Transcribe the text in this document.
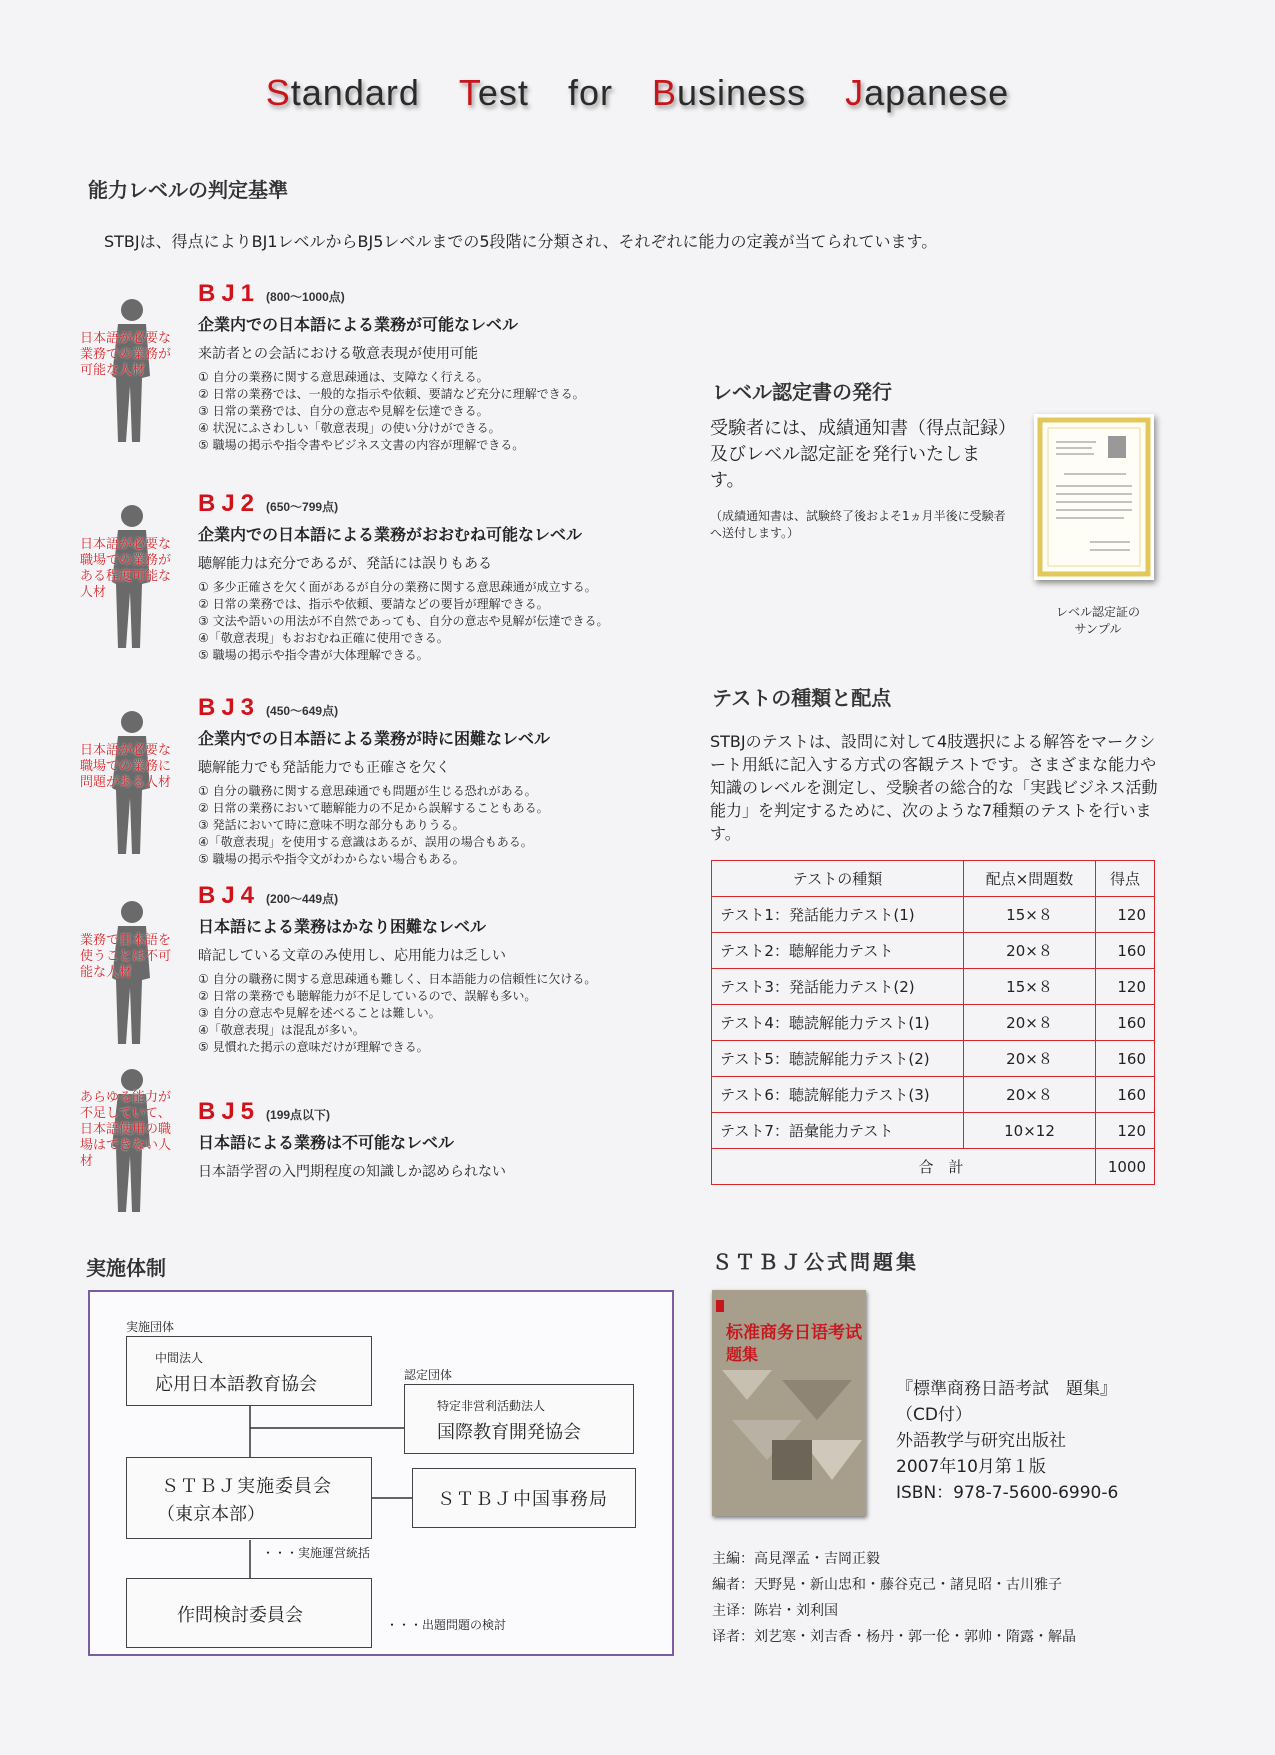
Standard Test for Business Japanese
能力レベルの判定基準
STBJは、得点によりBJ1レベルからBJ5レベルまでの5段階に分類され、それぞれに能力の定義が当てられています。
日本語が必要な業務での業務が可能な人材
BJ1 (800〜1000点)
企業内での日本語による業務が可能なレベル
来訪者との会話における敬意表現が使用可能
① 自分の業務に関する意思疎通は、支障なく行える。
② 日常の業務では、一般的な指示や依頼、要請など充分に理解できる。
③ 日常の業務では、自分の意志や見解を伝達できる。
④ 状況にふさわしい「敬意表現」の使い分けができる。
⑤ 職場の掲示や指令書やビジネス文書の内容が理解できる。
日本語が必要な職場での業務がある程度可能な人材
BJ2 (650〜799点)
企業内での日本語による業務がおおむね可能なレベル
聴解能力は充分であるが、発話には誤りもある
① 多少正確さを欠く面があるが自分の業務に関する意思疎通が成立する。
② 日常の業務では、指示や依頼、要請などの要旨が理解できる。
③ 文法や語いの用法が不自然であっても、自分の意志や見解が伝達できる。
④「敬意表現」もおおむね正確に使用できる。
⑤ 職場の掲示や指令書が大体理解できる。
日本語が必要な職場での業務に問題がある人材
BJ3 (450〜649点)
企業内での日本語による業務が時に困難なレベル
聴解能力でも発話能力でも正確さを欠く
① 自分の職務に関する意思疎通でも問題が生じる恐れがある。
② 日常の業務において聴解能力の不足から誤解することもある。
③ 発話において時に意味不明な部分もありうる。
④「敬意表現」を使用する意識はあるが、誤用の場合もある。
⑤ 職場の掲示や指令文がわからない場合もある。
業務で日本語を使うことは不可能な人材
BJ4 (200〜449点)
日本語による業務はかなり困難なレベル
暗記している文章のみ使用し、応用能力は乏しい
① 自分の職務に関する意思疎通も難しく、日本語能力の信頼性に欠ける。
② 日常の業務でも聴解能力が不足しているので、誤解も多い。
③ 自分の意志や見解を述べることは難しい。
④「敬意表現」は混乱が多い。
⑤ 見慣れた掲示の意味だけが理解できる。
あらゆる能力が不足していて、日本語使用の職場はできない人材
BJ5 (199点以下)
日本語による業務は不可能なレベル
日本語学習の入門期程度の知識しか認められない
レベル認定書の発行
受験者には、成績通知書（得点記録）及びレベル認定証を発行いたします。
（成績通知書は、試験終了後およそ1ヵ月半後に受験者へ送付します。）
レベル認定証の
サンプル
テストの種類と配点
STBJのテストは、設問に対して4肢選択による解答をマークシート用紙に記入する方式の客観テストです。さまざまな能力や知識のレベルを測定し、受験者の総合的な「実践ビジネス活動能力」を判定するために、次のような7種類のテストを行います。
テストの種類	配点×問題数	得点
テスト1：発話能力テスト(1)	15×８	120
テスト2：聴解能力テスト	20×８	160
テスト3：発話能力テスト(2)	15×８	120
テスト4：聴読解能力テスト(1)	20×８	160
テスト5：聴読解能力テスト(2)	20×８	160
テスト6：聴読解能力テスト(3)	20×８	160
テスト7：語彙能力テスト	10×12	120
合　計		1000
実施体制
実施団体
中間法人
応用日本語教育協会	認定団体
特定非営利活動法人
国際教育開発協会
ＳＴＢＪ実施委員会
（東京本部）
ＳＴＢＪ中国事務局
・・・実施運営統括
作問検討委員会	・・・出題問題の検討
ＳＴＢＪ公式問題集
标准商务日语考试
题集
『標準商務日語考試　題集』
（CD付）
外語教学与研究出版社
2007年10月第１版
ISBN：978-7-5600-6990-6
主編：高見澤孟・吉岡正毅
編者：天野晃・新山忠和・藤谷克己・諸見昭・古川雅子
主译：陈岩・刘利国
译者：刘艺寒・刘吉香・杨丹・郭一伦・郭帅・隋露・解晶
